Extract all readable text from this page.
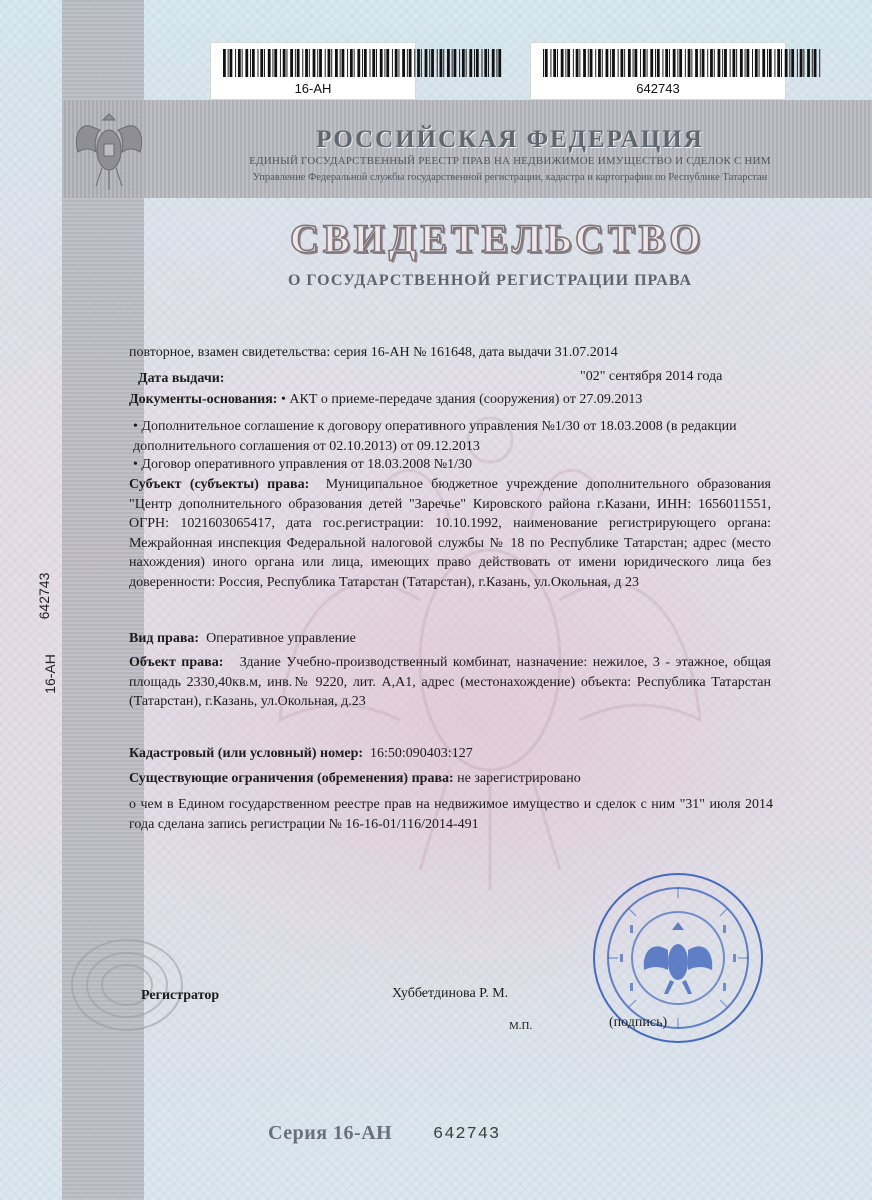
16-АН	642743
РОССИЙСКАЯ ФЕДЕРАЦИЯ
ЕДИНЫЙ ГОСУДАРСТВЕННЫЙ РЕЕСТР ПРАВ НА НЕДВИЖИМОЕ ИМУЩЕСТВО И СДЕЛОК С НИМ
Управление Федеральной службы государственной регистрации, кадастра и картографии по Республике Татарстан
СВИДЕТЕЛЬСТВО
О ГОСУДАРСТВЕННОЙ РЕГИСТРАЦИИ ПРАВА
642743
16-АН
повторное, взамен свидетельства: серия 16-АН № 161648, дата выдачи 31.07.2014
Дата выдачи:	"02" сентября 2014 года
Документы-основания: • АКТ о приеме-передаче здания (сооружения) от 27.09.2013
• Дополнительное соглашение к договору оперативного управления №1/30 от 18.03.2008 (в редакции дополнительного соглашения от 02.10.2013) от 09.12.2013
• Договор оперативного управления от 18.03.2008 №1/30
Субъект (субъекты) права: Муниципальное бюджетное учреждение дополнительного образования "Центр дополнительного образования детей "Заречье" Кировского района г.Казани, ИНН: 1656011551, ОГРН: 1021603065417, дата гос.регистрации: 10.10.1992, наименование регистрирующего органа: Межрайонная инспекция Федеральной налоговой службы № 18 по Республике Татарстан; адрес (место нахождения) иного органа или лица, имеющих право действовать от имени юридического лица без доверенности: Россия, Республика Татарстан (Татарстан), г.Казань, ул.Окольная, д 23
Вид права: Оперативное управление
Объект права: Здание Учебно-производственный комбинат, назначение: нежилое, 3 - этажное, общая площадь 2330,40кв.м, инв.№ 9220, лит. А,А1, адрес (местонахождение) объекта: Республика Татарстан (Татарстан), г.Казань, ул.Окольная, д.23
Кадастровый (или условный) номер: 16:50:090403:127
Существующие ограничения (обременения) права: не зарегистрировано
о чем в Едином государственном реестре прав на недвижимое имущество и сделок с ним "31" июля 2014 года сделана запись регистрации № 16-16-01/116/2014-491
Регистратор	Хуббетдинова Р. М.
М.П.	(подпись)
Серия 16-АН 642743
